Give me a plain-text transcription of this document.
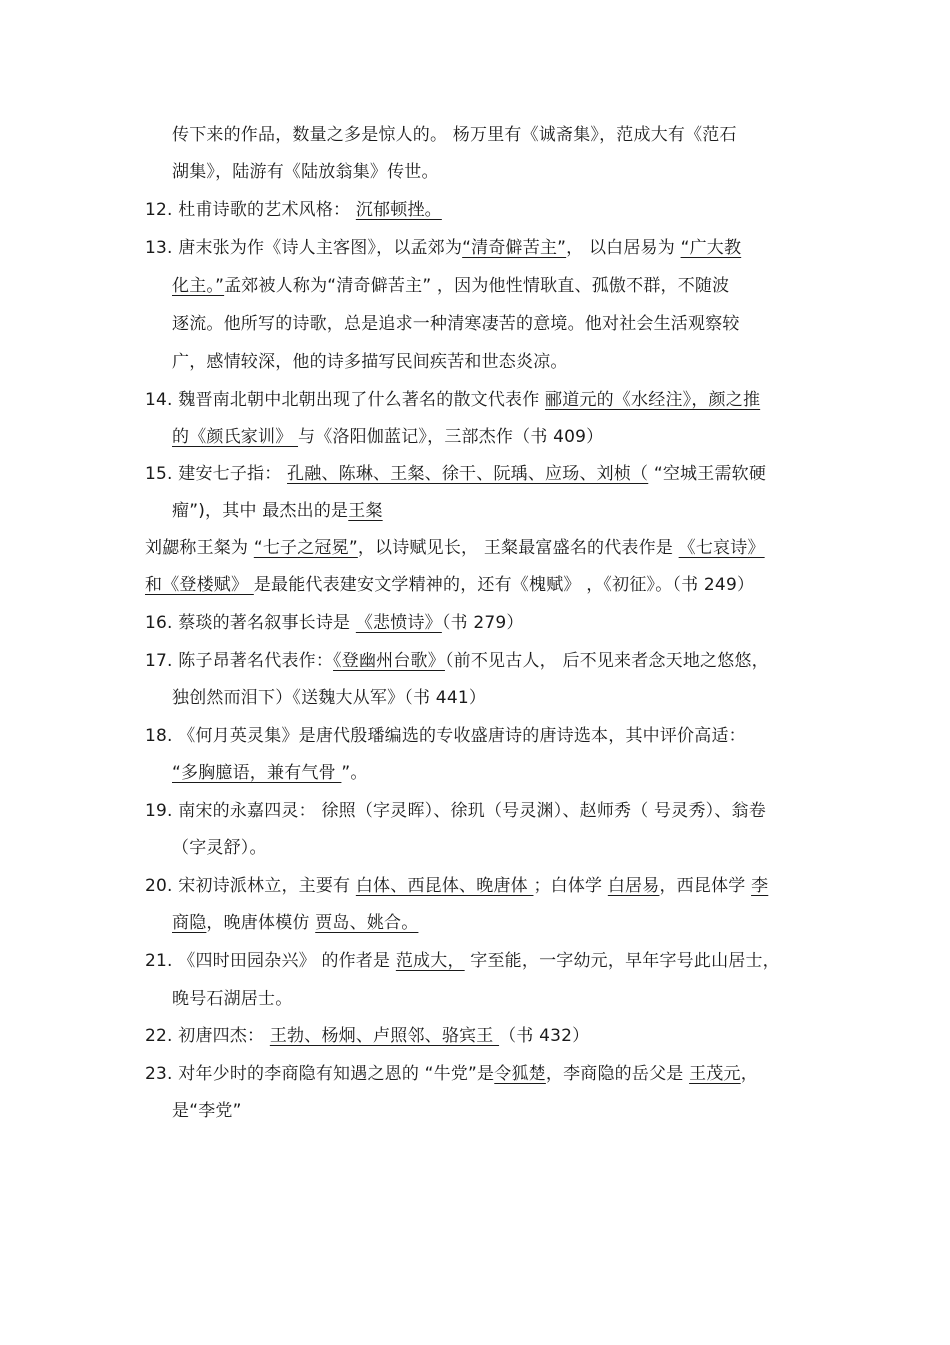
传下来的作品，数量之多是惊人的。 杨万里有《诚斋集》，范成大有《范石
湖集》，陆游有《陆放翁集》传世。
12. 杜甫诗歌的艺术风格： 沉郁顿挫。
13. 唐末张为作《诗人主客图》，以孟郊为“清奇僻苦主”， 以白居易为 “广大教
化主。”孟郊被人称为“清奇僻苦主” ，因为他性情耿直、孤傲不群，不随波
逐流。他所写的诗歌，总是追求一种清寒凄苦的意境。他对社会生活观察较
广，感情较深，他的诗多描写民间疾苦和世态炎凉。
14. 魏晋南北朝中北朝出现了什么著名的散文代表作 郦道元的《水经注》，颜之推
的《颜氏家训》 与《洛阳伽蓝记》，三部杰作（书 409）
15. 建安七子指： 孔融、陈琳、王粲、徐干、阮瑀、应玚、刘桢（ “空城王需软硬
瘤”)，其中 最杰出的是王粲
刘勰称王粲为 “七子之冠冕”，以诗赋见长， 王粲最富盛名的代表作是 《七哀诗》
和《登楼赋》 是最能代表建安文学精神的，还有《槐赋》 ，《初征》。（书 249）
16. 蔡琰的著名叙事长诗是 《悲愤诗》（书 279）
17. 陈子昂著名代表作：《登幽州台歌》（前不见古人， 后不见来者念天地之悠悠，
独创然而泪下）《送魏大从军》（书 441）
18. 《何月英灵集》是唐代殷璠编选的专收盛唐诗的唐诗选本，其中评价高适：
“多胸臆语，兼有气骨 ”。
19. 南宋的永嘉四灵： 徐照（字灵晖）、徐玑（号灵渊）、赵师秀（ 号灵秀）、翁卷
（字灵舒）。
20. 宋初诗派林立，主要有 白体、西昆体、晚唐体 ；白体学 白居易，西昆体学 李
商隐，晚唐体模仿 贾岛、姚合。
21. 《四时田园杂兴》 的作者是 范成大， 字至能，一字幼元，早年字号此山居士，
晚号石湖居士。
22. 初唐四杰： 王勃、杨炯、卢照邻、骆宾王 （书 432）
23. 对年少时的李商隐有知遇之恩的 “牛党”是令狐楚，李商隐的岳父是 王茂元，
是“李党”
